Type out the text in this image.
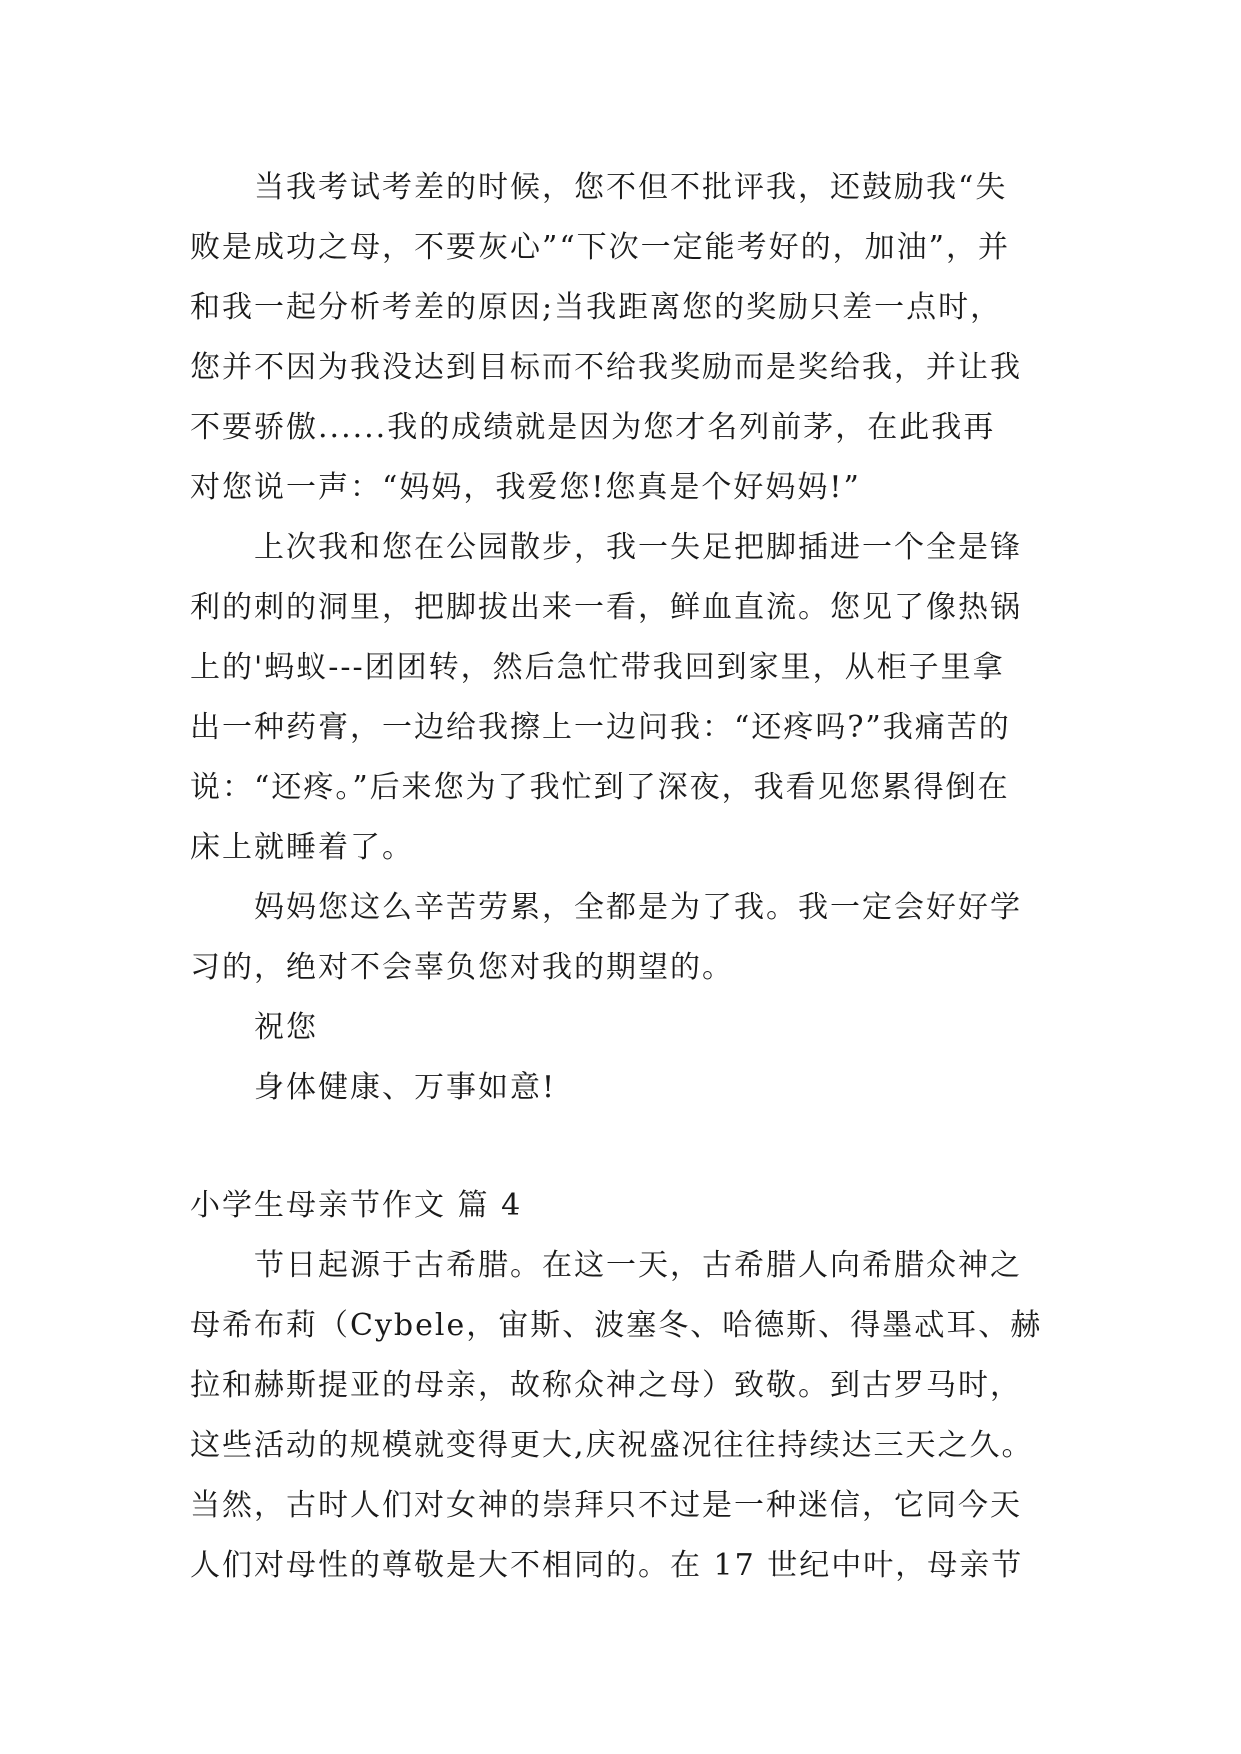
当我考试考差的时候，您不但不批评我，还鼓励我“失
败是成功之母，不要灰心”“下次一定能考好的，加油”，并
和我一起分析考差的原因;当我距离您的奖励只差一点时，
您并不因为我没达到目标而不给我奖励而是奖给我，并让我
不要骄傲......我的成绩就是因为您才名列前茅，在此我再
对您说一声：“妈妈，我爱您!您真是个好妈妈!”
上次我和您在公园散步，我一失足把脚插进一个全是锋
利的刺的洞里，把脚拔出来一看，鲜血直流。您见了像热锅
上的'蚂蚁---团团转，然后急忙带我回到家里，从柜子里拿
出一种药膏，一边给我擦上一边问我：“还疼吗?”我痛苦的
说：“还疼。”后来您为了我忙到了深夜，我看见您累得倒在
床上就睡着了。
妈妈您这么辛苦劳累，全都是为了我。我一定会好好学
习的，绝对不会辜负您对我的期望的。
祝您
身体健康、万事如意!
小学生母亲节作文 篇 4
节日起源于古希腊。在这一天，古希腊人向希腊众神之
母希布莉（Cybele，宙斯、波塞冬、哈德斯、得墨忒耳、赫
拉和赫斯提亚的母亲，故称众神之母）致敬。到古罗马时，
这些活动的规模就变得更大,庆祝盛况往往持续达三天之久。
当然，古时人们对女神的崇拜只不过是一种迷信，它同今天
人们对母性的尊敬是大不相同的。在 17 世纪中叶，母亲节
